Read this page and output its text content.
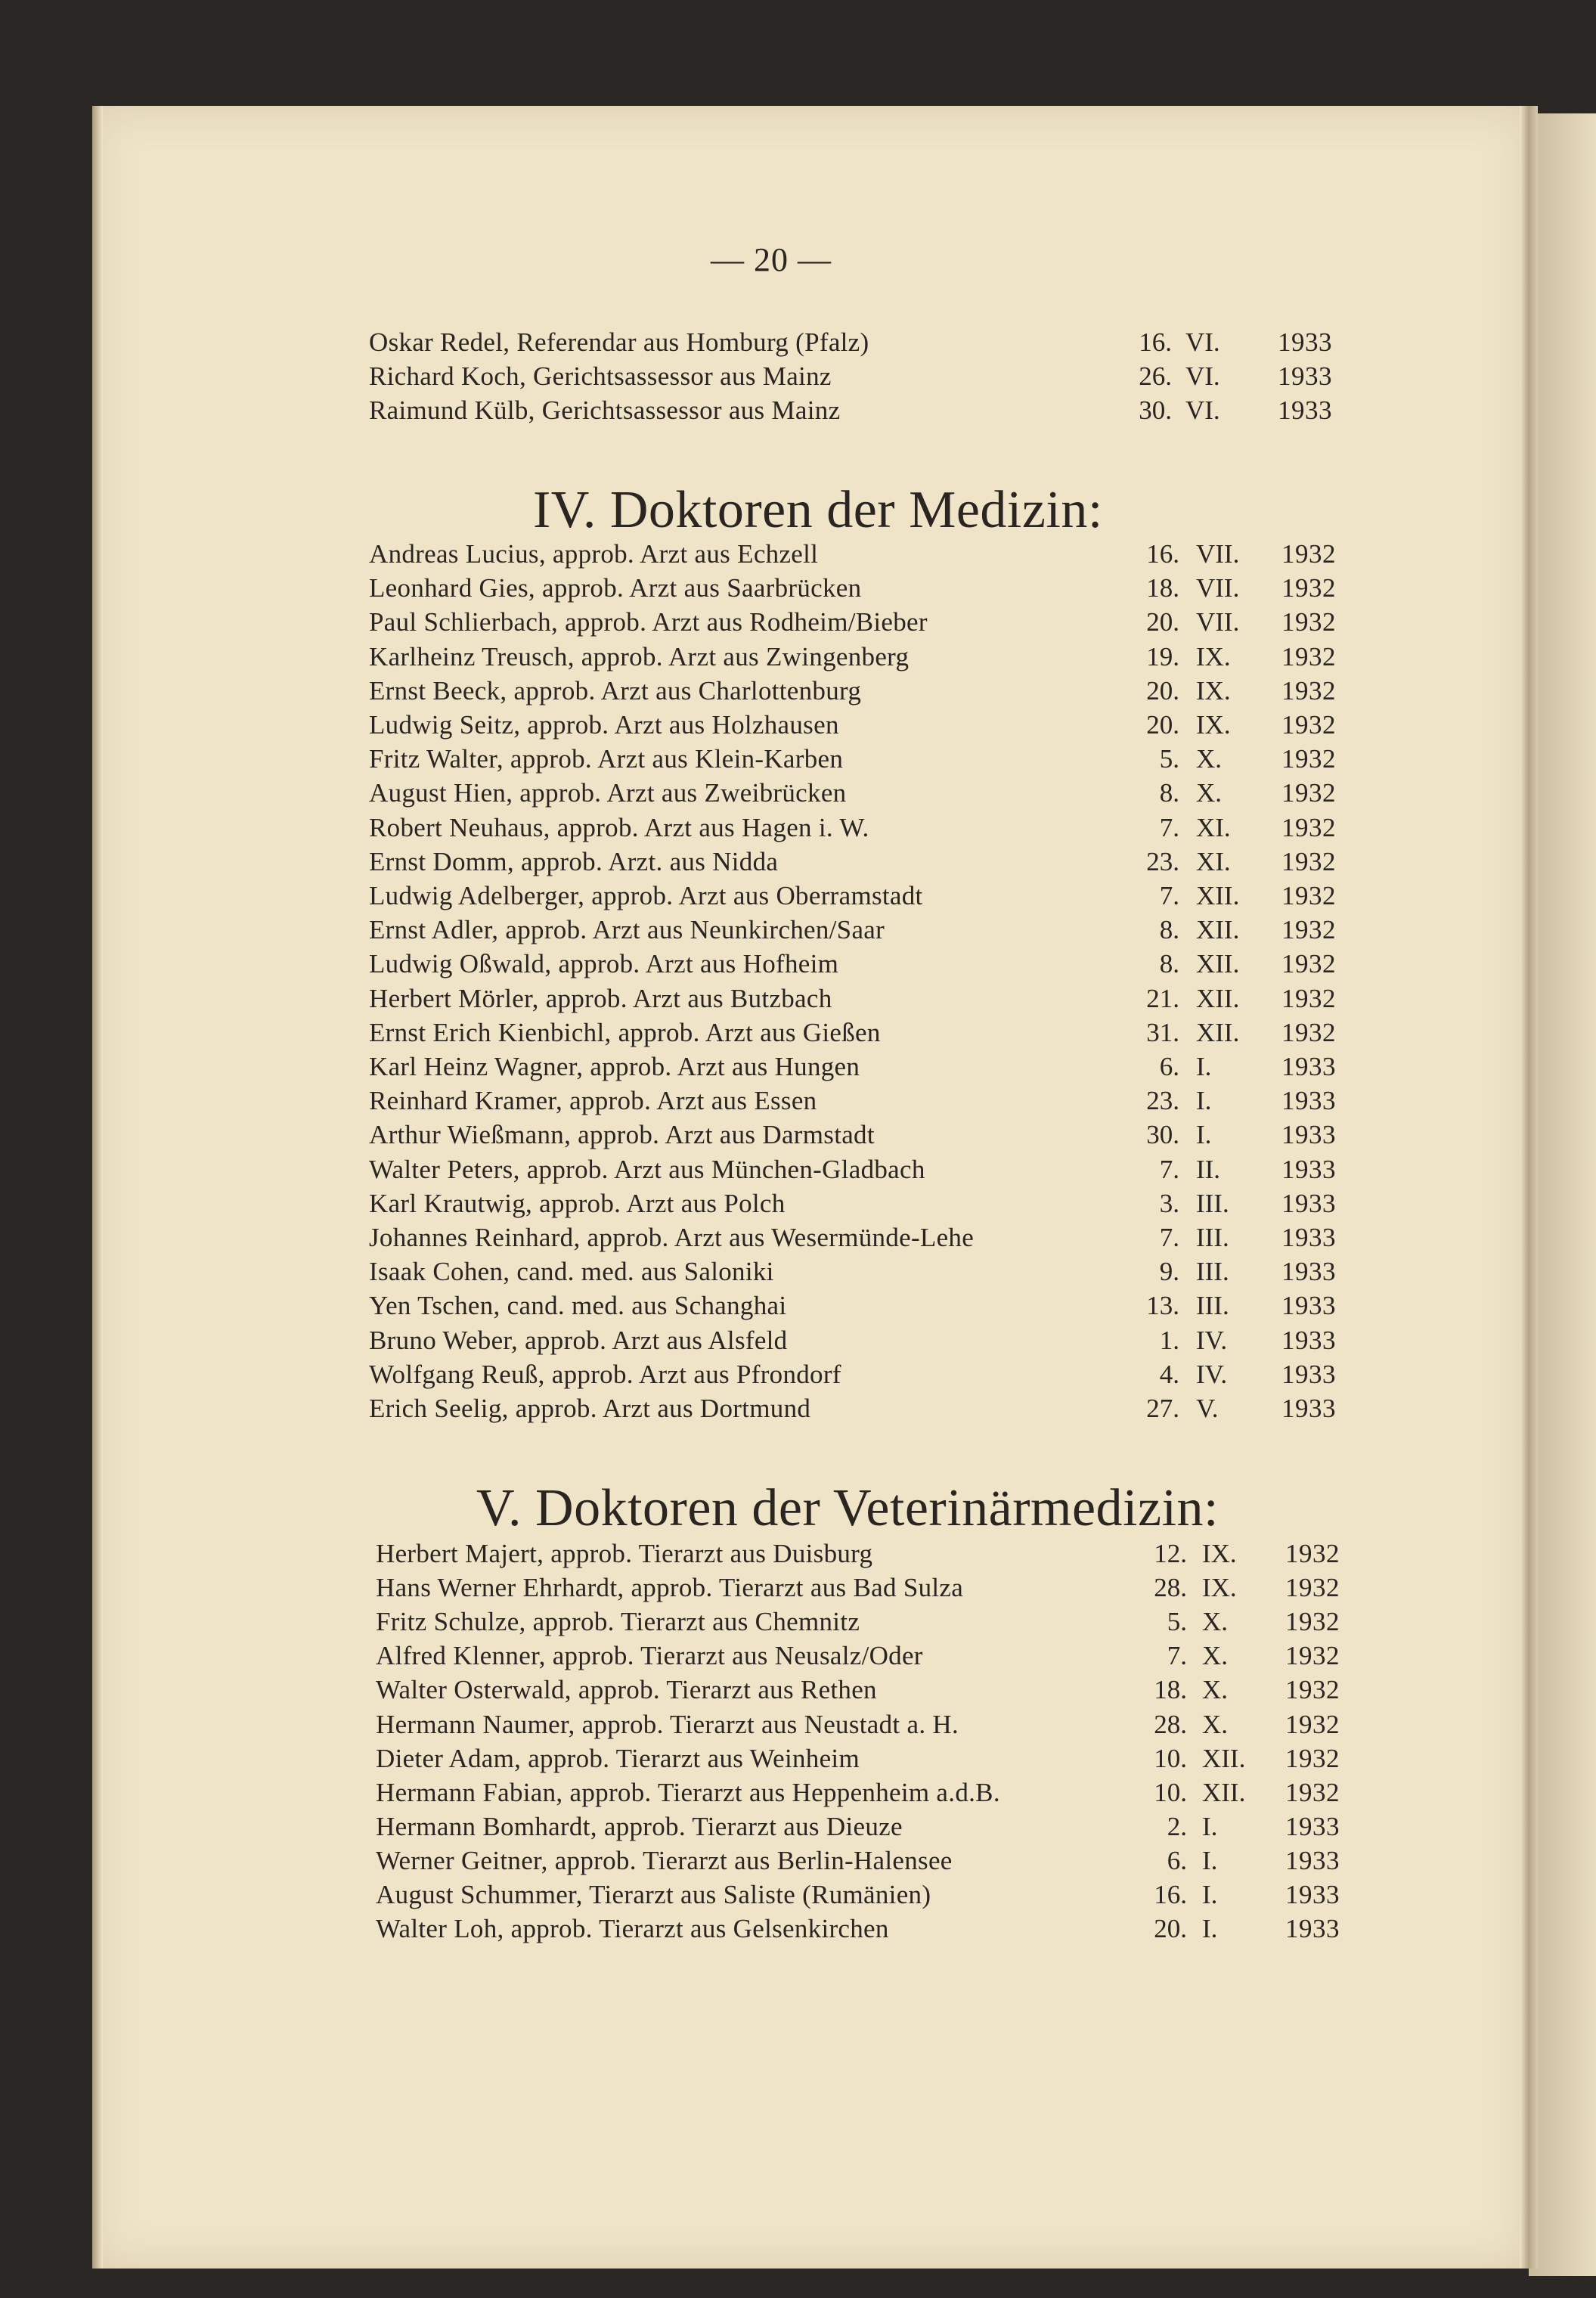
— 20 —
Oskar Redel, Referendar aus Homburg (Pfalz)	16. VI. 1933
Richard Koch, Gerichtsassessor aus Mainz	26. VI. 1933
Raimund Külb, Gerichtsassessor aus Mainz	30. VI. 1933
IV. Doktoren der Medizin:
Andreas Lucius, approb. Arzt aus Echzell	16. VII. 1932
Leonhard Gies, approb. Arzt aus Saarbrücken	18. VII. 1932
Paul Schlierbach, approb. Arzt aus Rodheim/Bieber	20. VII. 1932
Karlheinz Treusch, approb. Arzt aus Zwingenberg	19. IX. 1932
Ernst Beeck, approb. Arzt aus Charlottenburg	20. IX. 1932
Ludwig Seitz, approb. Arzt aus Holzhausen	20. IX. 1932
Fritz Walter, approb. Arzt aus Klein-Karben	5. X. 1932
August Hien, approb. Arzt aus Zweibrücken	8. X. 1932
Robert Neuhaus, approb. Arzt aus Hagen i. W.	7. XI. 1932
Ernst Domm, approb. Arzt. aus Nidda	23. XI. 1932
Ludwig Adelberger, approb. Arzt aus Oberramstadt	7. XII. 1932
Ernst Adler, approb. Arzt aus Neunkirchen/Saar	8. XII. 1932
Ludwig Oßwald, approb. Arzt aus Hofheim	8. XII. 1932
Herbert Mörler, approb. Arzt aus Butzbach	21. XII. 1932
Ernst Erich Kienbichl, approb. Arzt aus Gießen	31. XII. 1932
Karl Heinz Wagner, approb. Arzt aus Hungen	6. I.	1933
Reinhard Kramer, approb. Arzt aus Essen	23. I.	1933
Arthur Wießmann, approb. Arzt aus Darmstadt	30. I.	1933
Walter Peters, approb. Arzt aus München-Gladbach	7. II. 1933
Karl Krautwig, approb. Arzt aus Polch	3. III. 1933
Johannes Reinhard, approb. Arzt aus Wesermünde-Lehe	7. III. 1933
Isaak Cohen, cand. med. aus Saloniki	9. III. 1933
Yen Tschen, cand. med. aus Schanghai	13. III. 1933
Bruno Weber, approb. Arzt aus Alsfeld	1. IV. 1933
Wolfgang Reuß, approb. Arzt aus Pfrondorf	4. IV. 1933
Erich Seelig, approb. Arzt aus Dortmund	27. V. 1933
V. Doktoren der Veterinärmedizin:
Herbert Majert, approb. Tierarzt aus Duisburg	12. IX. 1932
Hans Werner Ehrhardt, approb. Tierarzt aus Bad Sulza	28. IX. 1932
Fritz Schulze, approb. Tierarzt aus Chemnitz	5. X. 1932
Alfred Klenner, approb. Tierarzt aus Neusalz/Oder	7. X. 1932
Walter Osterwald, approb. Tierarzt aus Rethen	18. X. 1932
Hermann Naumer, approb. Tierarzt aus Neustadt a. H.	28. X. 1932
Dieter Adam, approb. Tierarzt aus Weinheim	10. XII. 1932
Hermann Fabian, approb. Tierarzt aus Heppenheim a.d.B.	10. XII. 1932
Hermann Bomhardt, approb. Tierarzt aus Dieuze	2. I.	1933
Werner Geitner, approb. Tierarzt aus Berlin-Halensee	6. I.	1933
August Schummer, Tierarzt aus Saliste (Rumänien)	16. I.	1933
Walter Loh, approb. Tierarzt aus Gelsenkirchen	20. I.	1933
